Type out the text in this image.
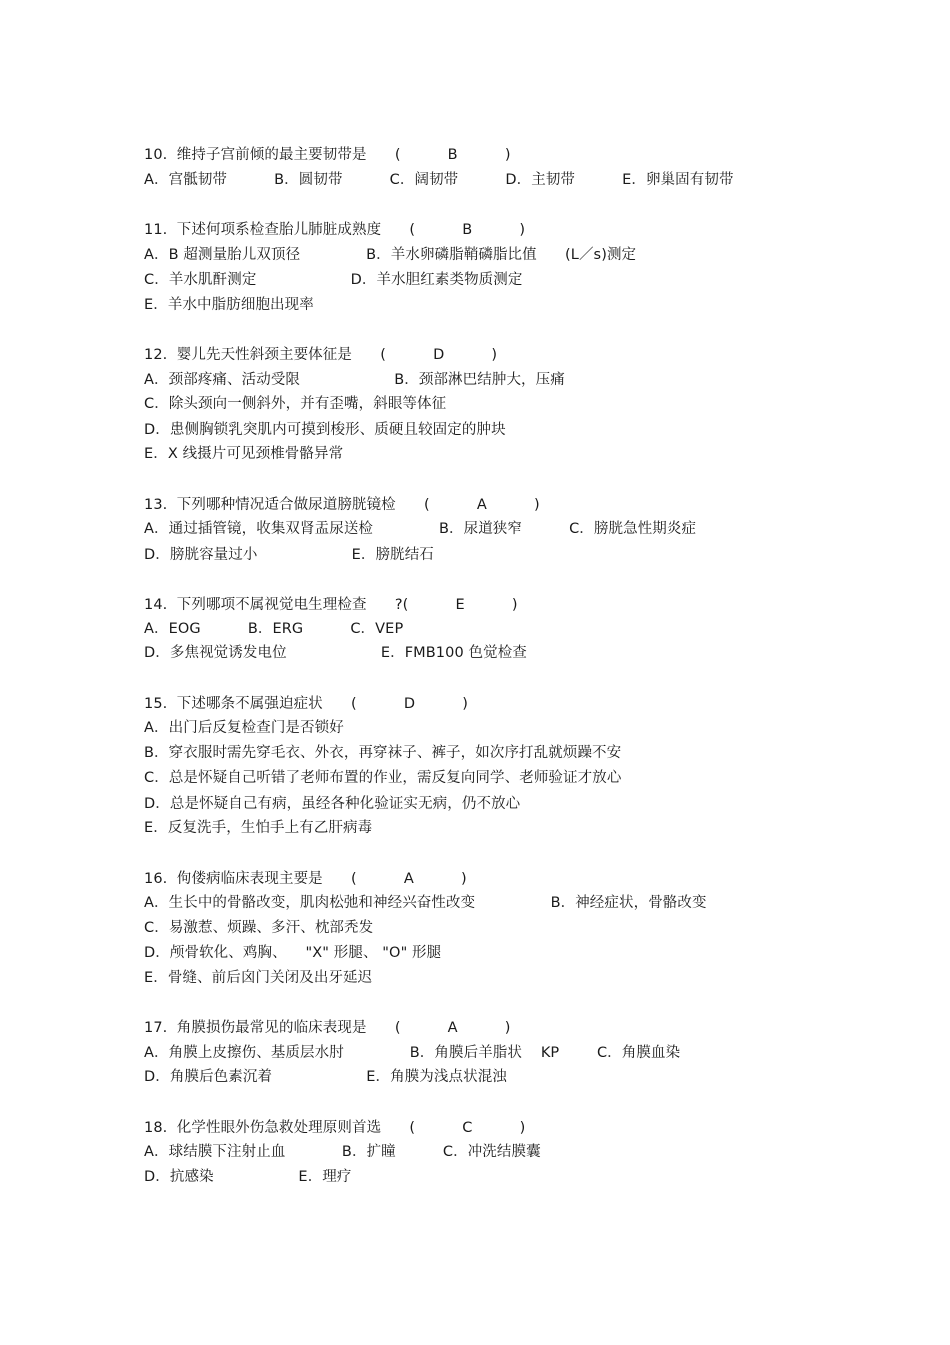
10.  维持子宫前倾的最主要韧带是      (          B          )
A．宫骶韧带          B．圆韧带          C．阔韧带          D．主韧带          E．卵巢固有韧带
11.  下述何项系检查胎儿肺脏成熟度      (          B          )
A．B 超测量胎儿双顶径              B．羊水卵磷脂鞘磷脂比值      (L／s)测定
C．羊水肌酐测定                    D．羊水胆红素类物质测定
E．羊水中脂肪细胞出现率
12.  婴儿先天性斜颈主要体征是      (          D          )
A．颈部疼痛、活动受限                    B．颈部淋巴结肿大，压痛
C．除头颈向一侧斜外，并有歪嘴，斜眼等体征
D．患侧胸锁乳突肌内可摸到梭形、质硬且较固定的肿块
E．X 线摄片可见颈椎骨骼异常
13.  下列哪种情况适合做尿道膀胱镜检      (          A          )
A．通过插管镜，收集双肾盂尿送检              B．尿道狭窄          C．膀胱急性期炎症
D．膀胱容量过小                    E．膀胱结石
14.  下列哪项不属视觉电生理检查      ?(          E          )
A．EOG          B．ERG          C．VEP
D．多焦视觉诱发电位                    E．FMB100 色觉检查
15.  下述哪条不属强迫症状      (          D          )
A．出门后反复检查门是否锁好
B．穿衣服时需先穿毛衣、外衣，再穿袜子、裤子，如次序打乱就烦躁不安
C．总是怀疑自己听错了老师布置的作业，需反复向同学、老师验证才放心
D．总是怀疑自己有病，虽经各种化验证实无病，仍不放心
E．反复洗手，生怕手上有乙肝病毒
16.  佝偻病临床表现主要是      (          A          )
A．生长中的骨骼改变，肌肉松弛和神经兴奋性改变                B．神经症状，骨骼改变
C．易激惹、烦躁、多汗、枕部秃发
D．颅骨软化、鸡胸、    "X" 形腿、 "O" 形腿
E．骨缝、前后囟门关闭及出牙延迟
17.  角膜损伤最常见的临床表现是      (          A          )
A．角膜上皮擦伤、基质层水肘              B．角膜后羊脂状    KP        C．角膜血染
D．角膜后色素沉着                    E．角膜为浅点状混浊
18.  化学性眼外伤急救处理原则首选      (          C          )
A．球结膜下注射止血            B．扩瞳          C．冲洗结膜囊
D．抗感染                  E．理疗
